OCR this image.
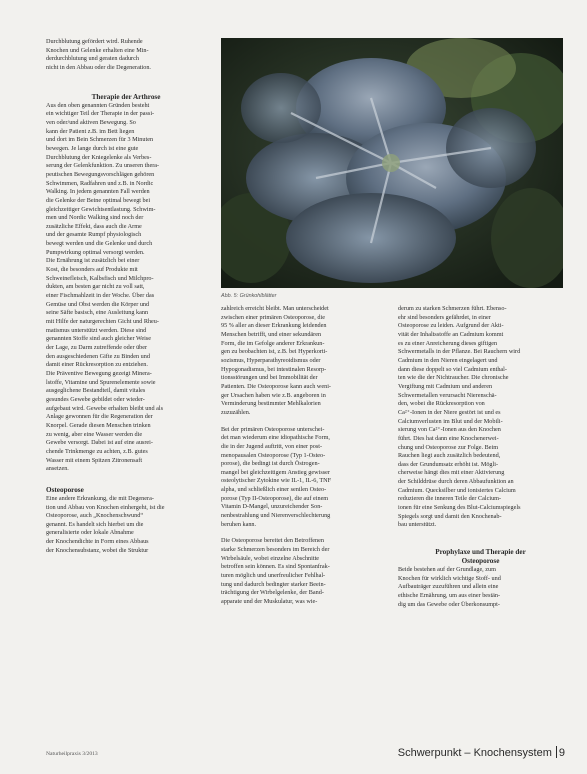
Durchblutung gefördert wird. Ruhende

Knochen und Gelenke erhalten eine Min-

derdurchblutung und geraten dadurch

nicht in den Abbau oder die Degeneration.

Therapie der Arthrose

Aus den oben genannten Gründen besteht

ein wichtiger Teil der Therapie in der passi-

ven oder/und aktiven Bewegung. So

kann der Patient z.B. im Bett liegen

und dort im Bein Schmerzen für 3 Minuten

bewegen. Je lange durch ist eine gute

Durchblutung der Kniegelenke als Verbes-

serung der Gelenkfunktion. Zu unseren thera-

peutischen Bewegungsvorschlägen gehören

Schwimmen, Radfahren und z.B. in Nordic

Walking. In jedem genannten Fall werden

die Gelenke der Beine optimal bewegt bei

gleichzeitiger Gewichtsentlastung. Schwim-

men und Nordic Walking sind noch der

zusätzliche Effekt, dass auch die Arme

und der gesamte Rumpf physiologisch

bewegt werden und die Gelenke und durch

Pumpwirkung optimal versorgt werden.

Die Ernährung ist zusätzlich bei einer

Kost, die besonders auf Produkte mit

Schweinefleisch, Kalbsfisch und Milchpro-

dukten, am besten gar nicht zu voll satt,

einer Fischmahlzeit in der Woche. Über das

Gemüse und Obst werden die Körper und

seine Säfte basisch, eine Ausleitung kann

mit Hilfe der naturgerechten Gicht und Rheu-

matismus unterstützt werden. Diese sind

genannten Stoffe sind auch gleicher Weise

der Lage, zu Darm zutreffende oder über

den ausgeschiedenen Gifte zu Binden und

damit einer Rückresorption zu entziehen.

Die Präventive Bewegung gezeigt Minera-

lstoffe, Vitamine und Spurenelemente sowie

ausgeglichene Bestandteil, damit vitales

gesundes Gewebe gebildet oder wieder-

aufgebaut wird. Gewebe erhalten bleibt und als

Anlage gewonnen für die Regeneration der

Knorpel. Gerade diesen Menschen trinken

zu wenig, aber eine Wasser werden die

Gewebe versorgt. Dabei ist auf eine ausrei-

chende Trinkmenge zu achten, z.B. gutes

Wasser mit einem Spitzen Zitronensaft

ansetzen.

Osteoporose

Eine andere Erkrankung, die mit Degenera-

tion und Abbau von Knochen einhergeht, ist die

Osteoporose, auch „Knochenschwund“

genannt. Es handelt sich hierbei um die

generalisierte oder lokale Abnahme

der Knochendichte in Form eines Abbaus

der Knochensubstanz, wobei die Struktur

Abb. 5: Grünkohlblätter

zahlreich erreicht bleibt. Man unterscheidet

zwischen einer primären Osteoporose, die

95 % aller an dieser Erkrankung leidenden

Menschen betrifft, und einer sekundären

Form, die im Gefolge anderer Erkrankun-

gen zu beobachten ist, z.B. bei Hyperkorti-

sozismus, Hyperparathyreoidismus oder

Hypogonadismus, bei intestinalen Resorp-

tionsstörungen und bei Immobilität der

Patienten. Die Osteoporose kann auch weni-

ger Ursachen haben wie z.B. angeboren in

Verminderung bestimmter Mehlkalorien

zuzuzählen.

Bei der primären Osteoporose unterschei-

det man wiederum eine idiopathische Form,

die in der Jugend auftritt, von einer post-

menopausalen Osteoporose (Typ 1-Osteo-

porose), die bedingt ist durch Östrogen-

mangel bei gleichzeitigem Anstieg gewisser

osteolytischer Zytokine wie IL-1, IL-6, TNF

alpha, und schließlich einer senilen Osteo-

porose (Typ II-Osteoporose), die auf einem

Vitamin D-Mangel, unzureichender Son-

nenbestrahlung und Nierenverschlechterung

beruhen kann.

Die Osteoporose bereitet den Betroffenen

starke Schmerzen besonders im Bereich der

Wirbelsäule, wobei einzelne Abschnitte

betroffen sein können. Es sind Spontanfrak-

turen möglich und unerfreulicher Fehlhal-

tung und dadurch bedingter starker Beein-

trächtigung der Wirbelgelenke, der Band-

apparate und der Muskulatur, was wie-

derum zu starken Schmerzen führt. Ebenso-

ehr sind besonders gefährdet, in einer

Osteoporose zu leiden. Aufgrund der Akti-

vität der Inhaltsstoffe an Cadmium kommt

es zu einer Anreicherung dieses giftigen

Schwermetalls in der Pflanze. Bei Rauchern wird

Cadmium in den Nieren eingelagert und

dann diese doppelt so viel Cadmium enthal-

ten wie die der Nichtraucher. Die chronische

Vergiftung mit Cadmium und anderen

Schwermetallen verursacht Nierenschä-

den, wobei die Rückresorption von

Ca²⁺-Ionen in der Niere gestört ist und es

Calciumverlusten im Blut und der Mobili-

sierung von Ca²⁺-Ionen aus den Knochen

führt. Dies hat dann eine Knochenerwei-

chung und Osteoporose zur Folge. Beim

Rauchen liegt auch zusätzlich bedeutend,

dass der Grundumsatz erhöht ist. Mögli-

cherweise hängt dies mit einer Aktivierung

der Schilddrüse durch deren Abbaufunktion an

Cadmium. Quecksilber und ionisiertes Calcium

reduzieren die inneren Teile der Calcium-

ionen für eine Senkung des Blut-Calciumspiegels

Spiegels sorgt und damit den Knochenab-

bau unterstützt.

Prophylaxe und Therapie der
Osteoporose

Beide bestehen auf der Grundlage, zum

Knochen für wirklich wichtige Stoff- und

Aufbauträger zuzuführen und allein eine

ethische Ernährung, um aus einer bestän-

dig um das Gewebe oder Überkonsumpt-

Naturheilpraxis 3/2013	Schwerpunkt – Knochensystem 9
